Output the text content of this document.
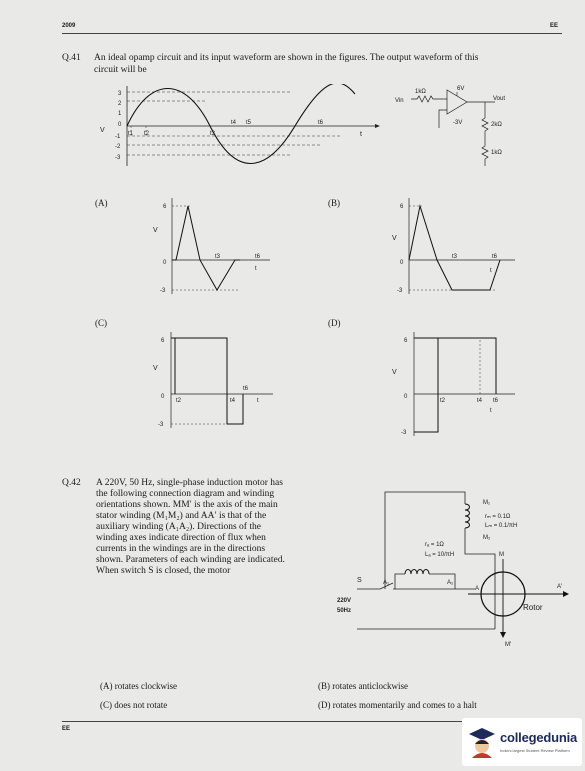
2009	EE
Q.41 An ideal opamp circuit and its input waveform are shown in the figures. The output waveform of this
circuit will be
3
2
1
0
-1
-2
-3
V	t1 t2	t3
t4 t5	t6
t
Vin
1kΩ	6V
-3V
Vout
2kΩ
1kΩ
(A)	(B)
(C)	(D)
V
6
0
-3
t3	t6
t
V
6
0
-3
t3	t6
t
V
6
0
-3
t2	t4
t6
t
V
6
0
-3
t2	t4 t6
t
Q.42 A 220V, 50 Hz, single-phase induction motor has
the following connection diagram and winding
orientations shown. MM′ is the axis of the main
stator winding (M₁M₂) and AA′ is that of the
auxiliary winding (A₁A₂). Directions of the
winding axes indicate direction of flux when
currents in the windings are in the directions
shown. Parameters of each winding are indicated.
When switch S is closed, the motor
S
220V
50Hz
M₁
rₘ = 0.1Ω
Lₘ = 0.1/πH
M₂
rₐ = 1Ω
Lₐ = 10/πH
A₁	A₂
M
M′
A	A′
Rotor
(A) rotates clockwise	(B) rotates anticlockwise
(C) does not rotate	(D) rotates momentarily and comes to a halt
EE
collegedunia
India's largest Student Review Platform
